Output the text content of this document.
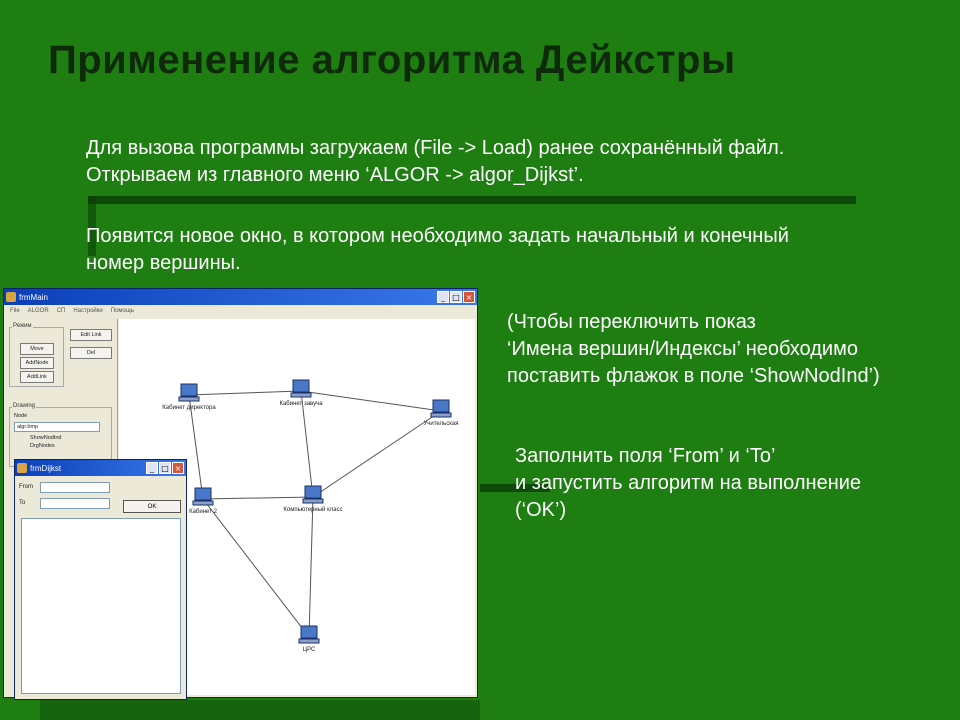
Применение алгоритма Дейкстры
Для вызова программы загружаем (File -> Load) ранее сохранённый файл.
Открываем из главного меню ‘ALGOR -> algor_Dijkst’.
Появится новое окно, в котором необходимо задать начальный и конечный
номер вершины.
(Чтобы переключить показ
‘Имена вершин/Индексы’ необходимо
поставить флажок в поле ‘ShowNodInd’)
Заполнить поля ‘From’ и ‘To’
и запустить алгоритм на выполнение
(‘OK’)
frmMain	_ □ ×
File ALGOR СП Настройки Помощь
Режим
Move
AddNode
AddLink
Edit Link
Del
Drawing
Node
algr.bmp
ShowNodInd
DrgNodes
Кабинет директора
Кабинет завуча
Учительская
Кабинет 2	Компьютерный класс
ЦРС
frmDijkst	_ □ ×
From
To
OK
